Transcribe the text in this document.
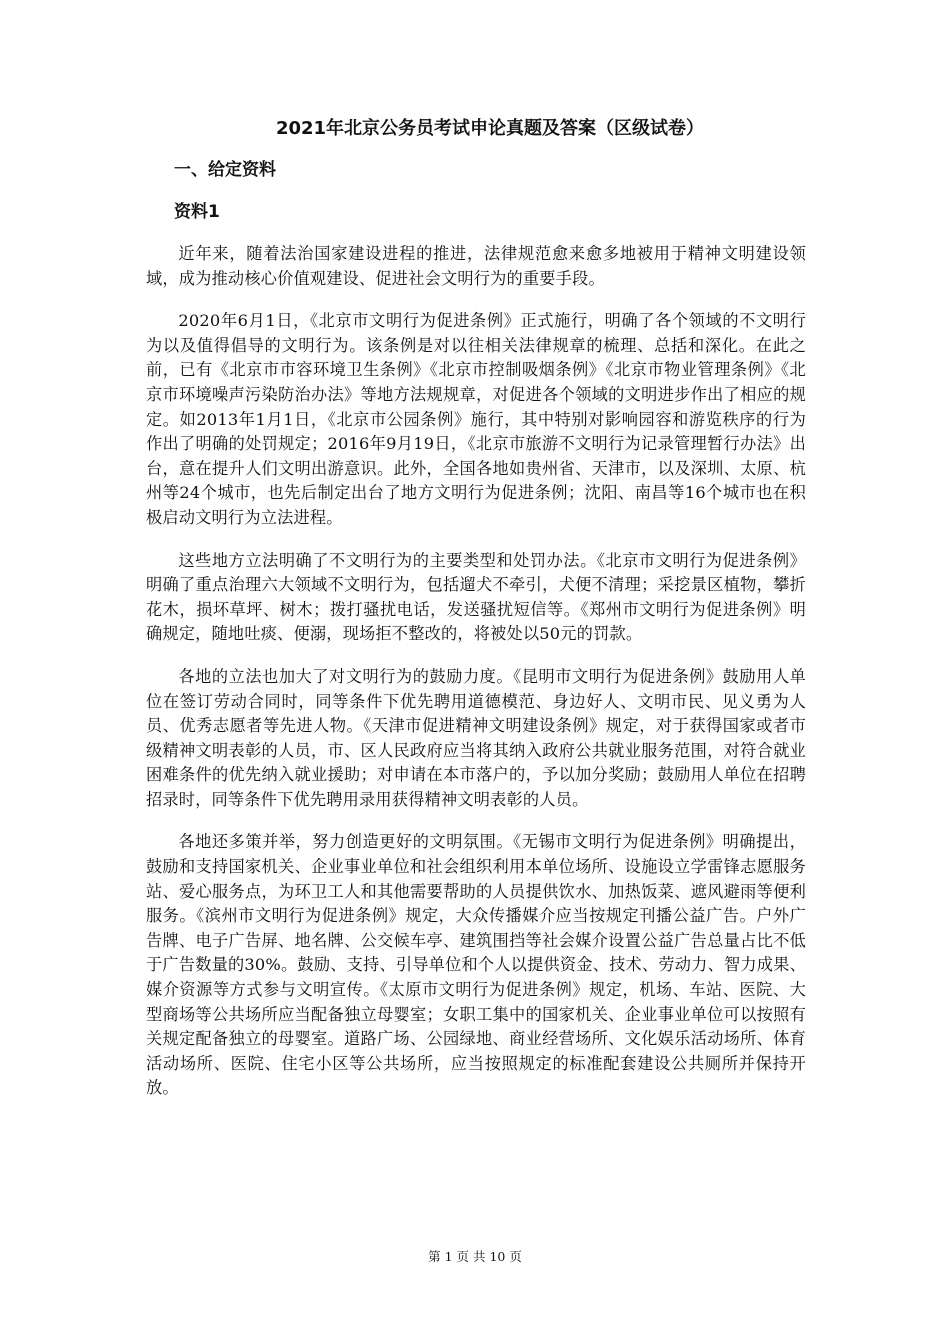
2021年北京公务员考试申论真题及答案（区级试卷）
一、给定资料
资料1

近年来，随着法治国家建设进程的推进，法律规范愈来愈多地被用于精神文明建设领域，成为推动核心价值观建设、促进社会文明行为的重要手段。

2020年6月1日，《北京市文明行为促进条例》正式施行，明确了各个领域的不文明行为以及值得倡导的文明行为。该条例是对以往相关法律规章的梳理、总括和深化。在此之前，已有《北京市市容环境卫生条例》《北京市控制吸烟条例》《北京市物业管理条例》《北京市环境噪声污染防治办法》等地方法规规章，对促进各个领域的文明进步作出了相应的规定。如2013年1月1日，《北京市公园条例》施行，其中特别对影响园容和游览秩序的行为作出了明确的处罚规定；2016年9月19日，《北京市旅游不文明行为记录管理暂行办法》出台，意在提升人们文明出游意识。此外，全国各地如贵州省、天津市，以及深圳、太原、杭州等24个城市，也先后制定出台了地方文明行为促进条例；沈阳、南昌等16个城市也在积极启动文明行为立法进程。

这些地方立法明确了不文明行为的主要类型和处罚办法。《北京市文明行为促进条例》明确了重点治理六大领域不文明行为，包括遛犬不牵引，犬便不清理；采挖景区植物，攀折花木，损坏草坪、树木；拨打骚扰电话，发送骚扰短信等。《郑州市文明行为促进条例》明确规定，随地吐痰、便溺，现场拒不整改的，将被处以50元的罚款。

各地的立法也加大了对文明行为的鼓励力度。《昆明市文明行为促进条例》鼓励用人单位在签订劳动合同时，同等条件下优先聘用道德模范、身边好人、文明市民、见义勇为人员、优秀志愿者等先进人物。《天津市促进精神文明建设条例》规定，对于获得国家或者市级精神文明表彰的人员，市、区人民政府应当将其纳入政府公共就业服务范围，对符合就业困难条件的优先纳入就业援助；对申请在本市落户的，予以加分奖励；鼓励用人单位在招聘招录时，同等条件下优先聘用录用获得精神文明表彰的人员。

各地还多策并举，努力创造更好的文明氛围。《无锡市文明行为促进条例》明确提出，鼓励和支持国家机关、企业事业单位和社会组织利用本单位场所、设施设立学雷锋志愿服务站、爱心服务点，为环卫工人和其他需要帮助的人员提供饮水、加热饭菜、遮风避雨等便利服务。《滨州市文明行为促进条例》规定，大众传播媒介应当按规定刊播公益广告。户外广告牌、电子广告屏、地名牌、公交候车亭、建筑围挡等社会媒介设置公益广告总量占比不低于广告数量的30%。鼓励、支持、引导单位和个人以提供资金、技术、劳动力、智力成果、媒介资源等方式参与文明宣传。《太原市文明行为促进条例》规定，机场、车站、医院、大型商场等公共场所应当配备独立母婴室；女职工集中的国家机关、企业事业单位可以按照有关规定配备独立的母婴室。道路广场、公园绿地、商业经营场所、文化娱乐活动场所、体育活动场所、医院、住宅小区等公共场所，应当按照规定的标准配套建设公共厕所并保持开放。

第 1 页 共 10 页
